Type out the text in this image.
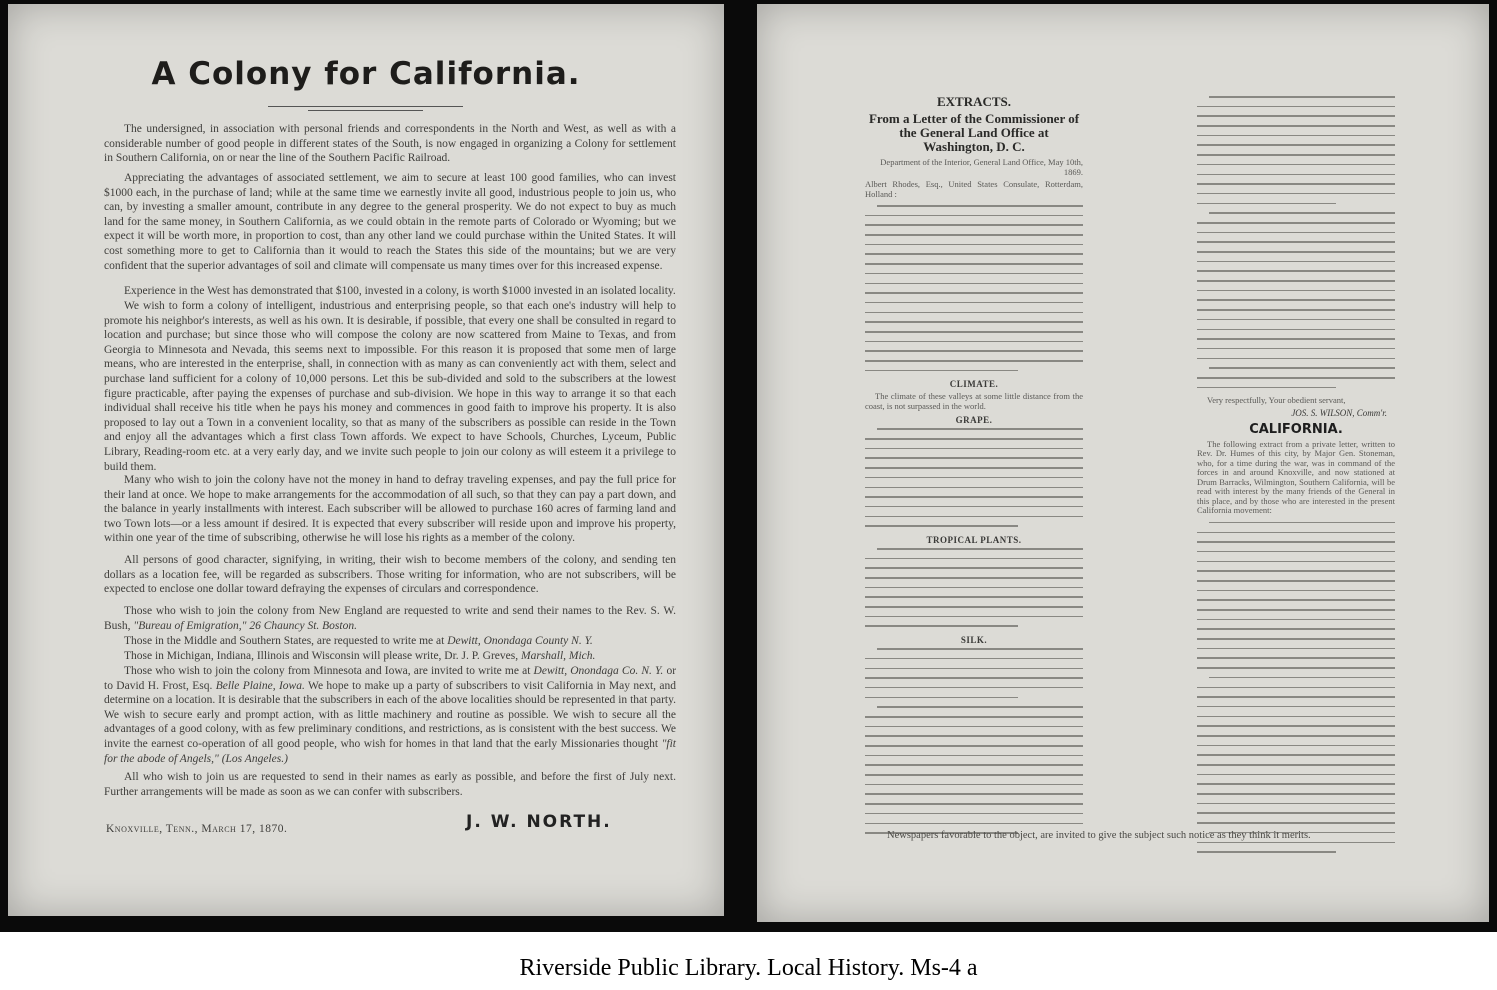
A Colony for California.

The undersigned, in association with personal friends and correspondents in the North and West, as well as with a considerable number of good people in different states of the South, is now engaged in organizing a Colony for settlement in Southern California, on or near the line of the Southern Pacific Railroad.

Appreciating the advantages of associated settlement, we aim to secure at least 100 good families, who can invest $1000 each, in the purchase of land; while at the same time we earnestly invite all good, industrious people to join us, who can, by investing a smaller amount, contribute in any degree to the general prosperity. We do not expect to buy as much land for the same money, in Southern California, as we could obtain in the remote parts of Colorado or Wyoming; but we expect it will be worth more, in proportion to cost, than any other land we could purchase within the United States. It will cost something more to get to California than it would to reach the States this side of the mountains; but we are very confident that the superior advantages of soil and climate will compensate us many times over for this increased expense.

Experience in the West has demonstrated that $100, invested in a colony, is worth $1000 invested in an isolated locality.

We wish to form a colony of intelligent, industrious and enterprising people, so that each one's industry will help to promote his neighbor's interests, as well as his own. It is desirable, if possible, that every one shall be consulted in regard to location and purchase; but since those who will compose the colony are now scattered from Maine to Texas, and from Georgia to Minnesota and Nevada, this seems next to impossible. For this reason it is proposed that some men of large means, who are interested in the enterprise, shall, in connection with as many as can conveniently act with them, select and purchase land sufficient for a colony of 10,000 persons. Let this be sub-divided and sold to the subscribers at the lowest figure practicable, after paying the expenses of purchase and sub-division. We hope in this way to arrange it so that each individual shall receive his title when he pays his money and commences in good faith to improve his property. It is also proposed to lay out a Town in a convenient locality, so that as many of the subscribers as possible can reside in the Town and enjoy all the advantages which a first class Town affords. We expect to have Schools, Churches, Lyceum, Public Library, Reading-room etc. at a very early day, and we invite such people to join our colony as will esteem it a privilege to build them.

Many who wish to join the colony have not the money in hand to defray traveling expenses, and pay the full price for their land at once. We hope to make arrangements for the accommodation of all such, so that they can pay a part down, and the balance in yearly installments with interest. Each subscriber will be allowed to purchase 160 acres of farming land and two Town lots—or a less amount if desired. It is expected that every subscriber will reside upon and improve his property, within one year of the time of subscribing, otherwise he will lose his rights as a member of the colony.

All persons of good character, signifying, in writing, their wish to become members of the colony, and sending ten dollars as a location fee, will be regarded as subscribers. Those writing for information, who are not subscribers, will be expected to enclose one dollar toward defraying the expenses of circulars and correspondence.

Those who wish to join the colony from New England are requested to write and send their names to the Rev. S. W. Bush, "Bureau of Emigration," 26 Chauncy St. Boston.

Those in the Middle and Southern States, are requested to write me at Dewitt, Onondaga County N. Y.

Those in Michigan, Indiana, Illinois and Wisconsin will please write, Dr. J. P. Greves, Marshall, Mich.

Those who wish to join the colony from Minnesota and Iowa, are invited to write me at Dewitt, Onondaga Co. N. Y. or to David H. Frost, Esq. Belle Plaine, Iowa. We hope to make up a party of subscribers to visit California in May next, and determine on a location. It is desirable that the subscribers in each of the above localities should be represented in that party. We wish to secure early and prompt action, with as little machinery and routine as possible. We wish to secure all the advantages of a good colony, with as few preliminary conditions, and restrictions, as is consistent with the best success. We invite the earnest co-operation of all good people, who wish for homes in that land that the early Missionaries thought "fit for the abode of Angels," (Los Angeles.)

All who wish to join us are requested to send in their names as early as possible, and before the first of July next. Further arrangements will be made as soon as we can confer with subscribers.

Knoxville, Tenn., March 17, 1870.	J. W. NORTH.

EXTRACTS.

From a Letter of the Commissioner of the General Land Office at Washington, D. C.

Department of the Interior, General Land Office, May 10th, 1869.

Albert Rhodes, Esq., United States Consulate, Rotterdam, Holland :

CLIMATE.

The climate of these valleys at some little distance from the coast, is not surpassed in the world.

GRAPE.

TROPICAL PLANTS.

SILK.

Very respectfully, Your obedient servant,

JOS. S. WILSON, Comm'r.

CALIFORNIA.

The following extract from a private letter, written to Rev. Dr. Humes of this city, by Major Gen. Stoneman, who, for a time during the war, was in command of the forces in and around Knoxville, and now stationed at Drum Barracks, Wilmington, Southern California, will be read with interest by the many friends of the General in this place, and by those who are interested in the present California movement:

Newspapers favorable to the object, are invited to give the subject such notice as they think it merits.

Riverside Public Library. Local History. Ms-4 a
